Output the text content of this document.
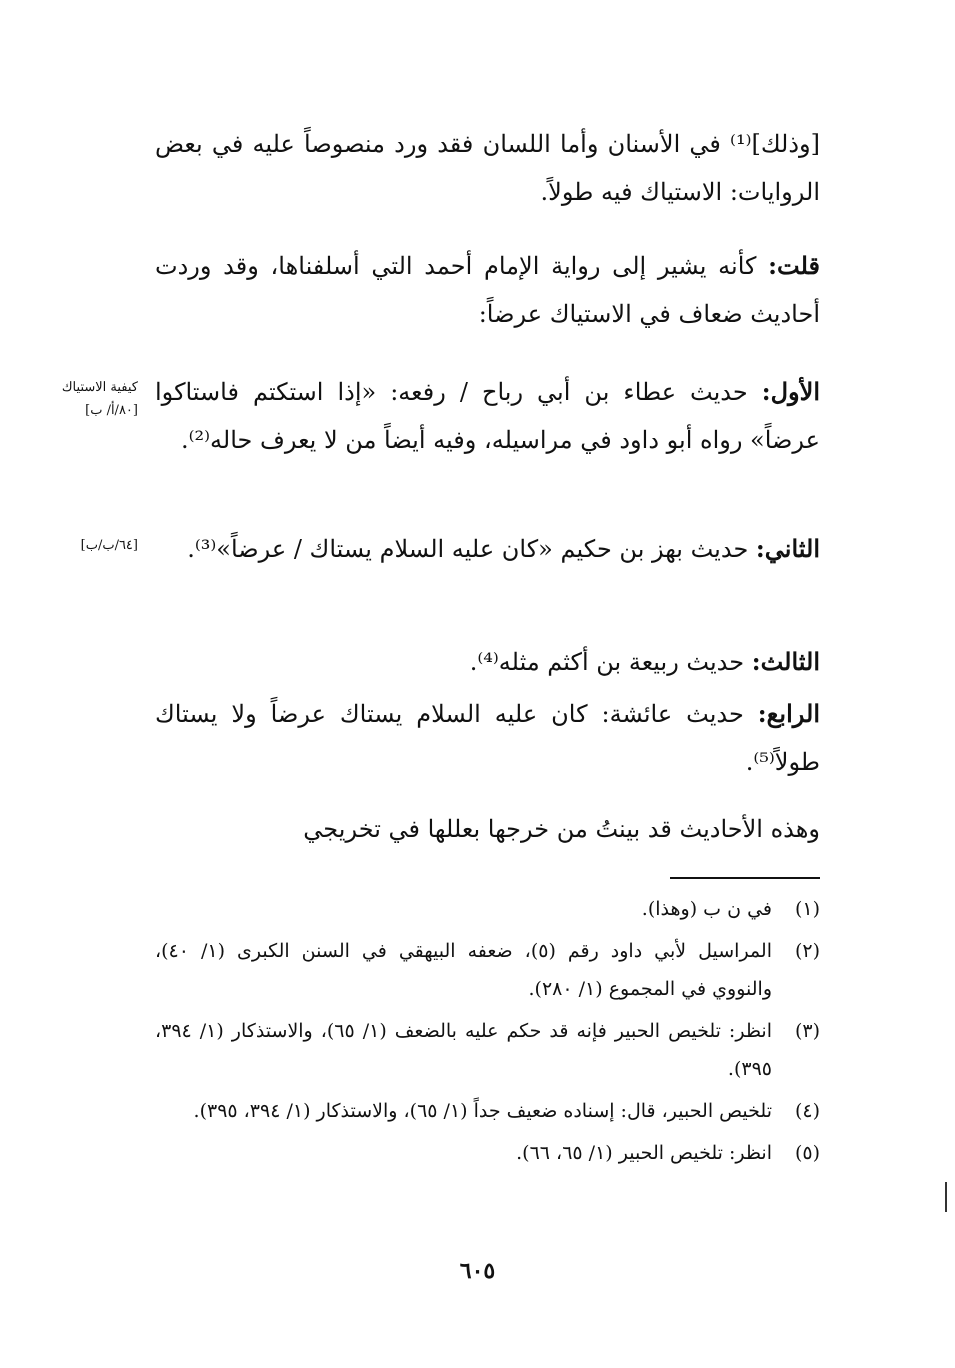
[وذلك]⁽¹⁾ في الأسنان وأما اللسان فقد ورد منصوصاً عليه في بعض الروايات: الاستياك فيه طولاً.
قلت: كأنه يشير إلى رواية الإمام أحمد التي أسلفناها، وقد وردت أحاديث ضعاف في الاستياك عرضاً:
الأول: حديث عطاء بن أبي رباح / رفعه: «إذا استكتم فاستاكوا عرضاً» رواه أبو داود في مراسيله، وفيه أيضاً من لا يعرف حاله⁽²⁾.
الثاني: حديث بهز بن حكيم «كان عليه السلام يستاك / عرضاً»⁽³⁾.
الثالث: حديث ربيعة بن أكثم مثله⁽⁴⁾.
الرابع: حديث عائشة: كان عليه السلام يستاك عرضاً ولا يستاك طولاً⁽⁵⁾.
وهذه الأحاديث قد بينتُ من خرجها بعللها في تخريجي
كيفية الاستياك
[٨٠/أ/ ب]
[٦٤/ب/ب]
(١)
في ن ب (وهذا).
(٢)
المراسيل لأبي داود رقم (٥)، ضعفه البيهقي في السنن الكبرى (١/ ٤٠)، والنووي في المجموع (١/ ٢٨٠).
(٣)
انظر: تلخيص الحبير فإنه قد حكم عليه بالضعف (١/ ٦٥)، والاستذكار (١/ ٣٩٤، ٣٩٥).
(٤)
تلخيص الحبير، قال: إسناده ضعيف جداً (١/ ٦٥)، والاستذكار (١/ ٣٩٤، ٣٩٥).
(٥)
انظر: تلخيص الحبير (١/ ٦٥، ٦٦).
٦٠٥
